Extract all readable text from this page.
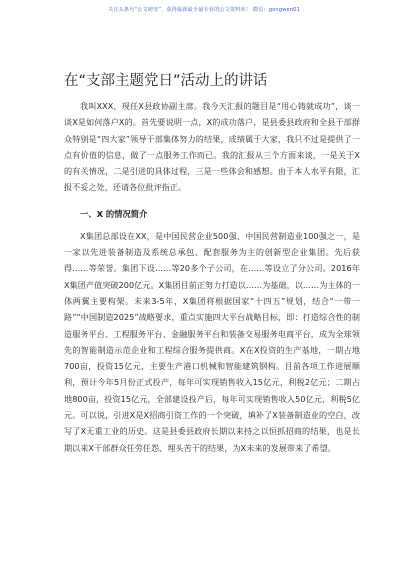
关注头条号“公文研究”，获得最新最全最专业的公文资料库！ 微信：gongwen01
在“支部主题党日”活动上的讲话

我叫XXX，现任X县政协副主席。我今天汇报的题目是“用心铸就成功”，谈一谈X是如何落户X的。首先要说明一点，X的成功落户，是县委县政府和全县干部群众特别是“四大家”领导干部集体努力的结果，成绩属于大家，我只不过是提供了一点有价值的信息，做了一点服务工作而已。我的汇报从三个方面来谈，一是关于X的有关情况，二是引进的具体过程，三是一些体会和感想。由于本人水平有限，汇报不妥之处，还请各位批评指正。

一、X 的情况简介

X集团总部设在XX，是中国民营企业500强、中国民营制造业100强之一，是一家以先进装备制造及系统总承包、配套服务为主的创新型企业集团。先后获得……等荣誉。集团下设……等20多个子公司，在……等设立了分公司。2016年X集团产值突破200亿元。X集团目前正努力打造以……为基础，以……为主体的一体两翼主要构架。未来3-5年，X集团将根据国家“十四五”规划，结合“一带一路”“中国制造2025”战略要求，重点实施四大平台战略目标，即：打造综合性的制造服务平台、工程服务平台、金融服务平台和装备交易服务电商平台，成为全球领先的智能制造示范企业和工程综合服务提供商。X在X投资的生产基地，一期占地700亩，投资15亿元，主要生产港口机械和智能建筑钢构。目前各项工作进展顺利，预计今年5月份正式投产，每年可实现销售收入15亿元，利税2亿元；二期占地800亩，投资15亿元，全部建设投产后，每年可实现销售收入50亿元，利税5亿元。可以说，引进X是X招商引资工作的一个突破，填补了X装备制造业的空白，改写了X无重工业的历史。这是县委县政府长期以来持之以恒抓招商的结果，也是长期以来X干部群众任劳任怨、埋头苦干的结果，为X未来的发展带来了希望。
